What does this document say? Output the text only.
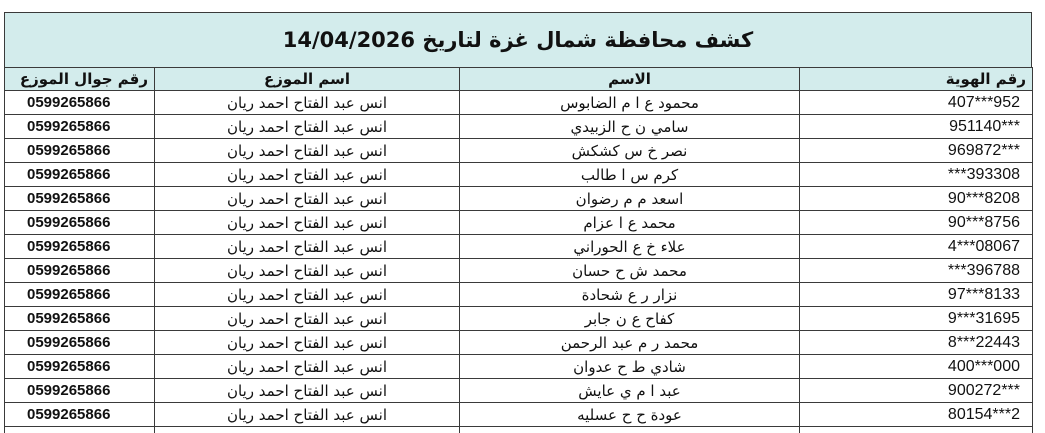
كشف محافظة شمال غزة لتاريخ 14/04/2026
رقم الهوية	الاسم	اسم الموزع	رقم جوال الموزع
407***952	محمود ع ا م الضابوس	انس عبد الفتاح احمد ريان	0599265866
951140***	سامي ن ح الزبيدي	انس عبد الفتاح احمد ريان	0599265866
969872***	نصر خ س كشكش	انس عبد الفتاح احمد ريان	0599265866
***393308	كرم س ا طالب	انس عبد الفتاح احمد ريان	0599265866
90***8208	اسعد م م رضوان	انس عبد الفتاح احمد ريان	0599265866
90***8756	محمد ع ا عزام	انس عبد الفتاح احمد ريان	0599265866
4***08067	علاء خ ع الحوراني	انس عبد الفتاح احمد ريان	0599265866
***396788	محمد ش ح حسان	انس عبد الفتاح احمد ريان	0599265866
97***8133	نزار ر ع شحادة	انس عبد الفتاح احمد ريان	0599265866
9***31695	كفاح ع ن جابر	انس عبد الفتاح احمد ريان	0599265866
8***22443	محمد ر م عبد الرحمن	انس عبد الفتاح احمد ريان	0599265866
400***000	شادي ط ح عدوان	انس عبد الفتاح احمد ريان	0599265866
900272***	عبد ا م ي عايش	انس عبد الفتاح احمد ريان	0599265866
80154***2	عودة ح ح عسليه	انس عبد الفتاح احمد ريان	0599265866
